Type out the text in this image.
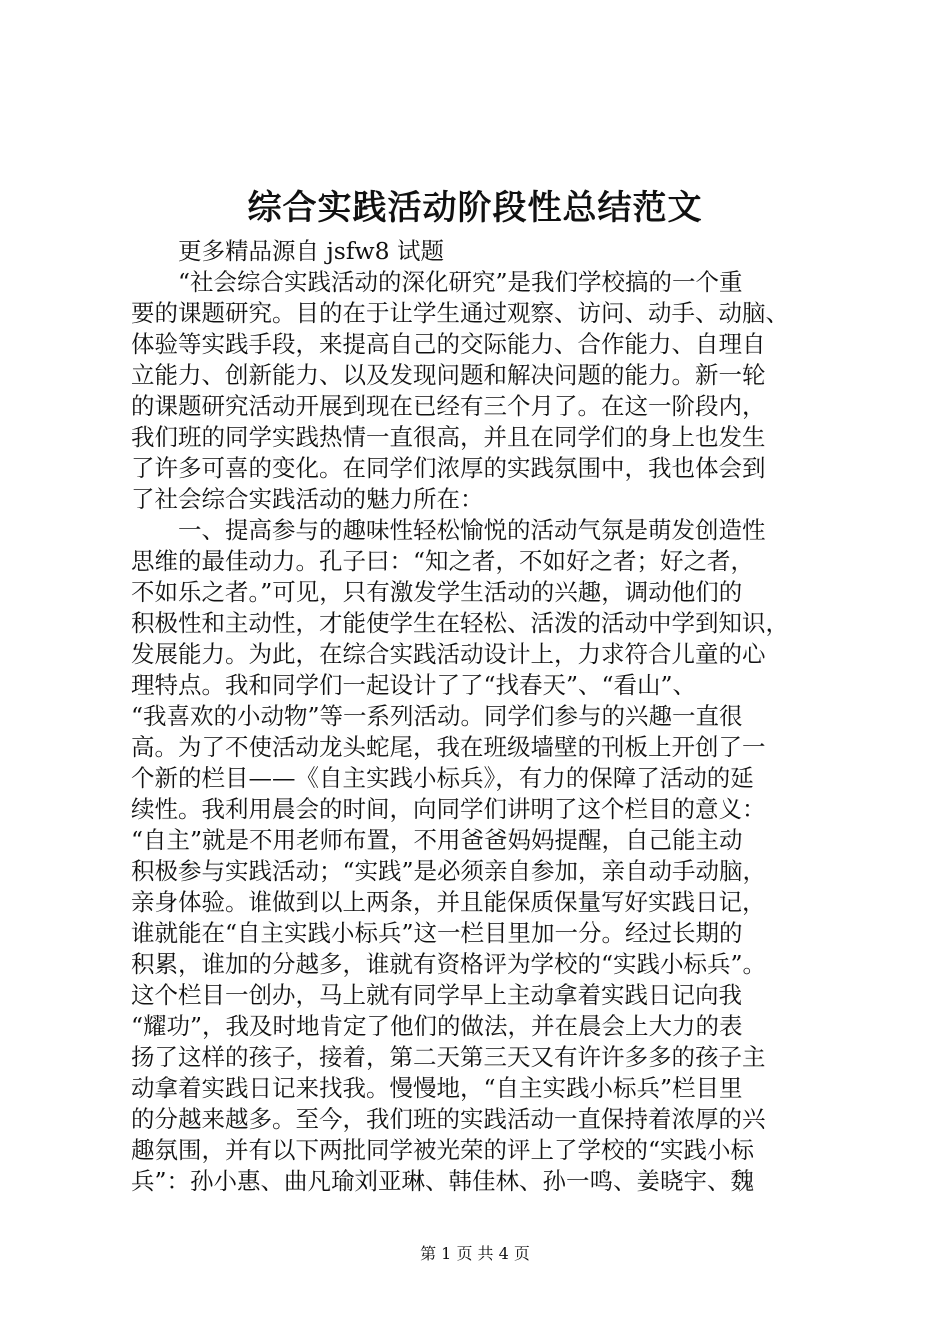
综合实践活动阶段性总结范文
　　更多精品源自 jsfw8 试题
　　“社会综合实践活动的深化研究”是我们学校搞的一个重
要的课题研究。目的在于让学生通过观察、访问、动手、动脑、
体验等实践手段，来提高自己的交际能力、合作能力、自理自
立能力、创新能力、以及发现问题和解决问题的能力。新一轮
的课题研究活动开展到现在已经有三个月了。在这一阶段内，
我们班的同学实践热情一直很高，并且在同学们的身上也发生
了许多可喜的变化。在同学们浓厚的实践氛围中，我也体会到
了社会综合实践活动的魅力所在：
　　一、提高参与的趣味性轻松愉悦的活动气氛是萌发创造性
思维的最佳动力。孔子曰：“知之者，不如好之者；好之者，
不如乐之者。”可见，只有激发学生活动的兴趣，调动他们的
积极性和主动性，才能使学生在轻松、活泼的活动中学到知识，
发展能力。为此，在综合实践活动设计上，力求符合儿童的心
理特点。我和同学们一起设计了了“找春天”、“看山”、
“我喜欢的小动物”等一系列活动。同学们参与的兴趣一直很
高。为了不使活动龙头蛇尾，我在班级墙壁的刊板上开创了一
个新的栏目——《自主实践小标兵》，有力的保障了活动的延
续性。我利用晨会的时间，向同学们讲明了这个栏目的意义：
“自主”就是不用老师布置，不用爸爸妈妈提醒，自己能主动
积极参与实践活动；“实践”是必须亲自参加，亲自动手动脑，
亲身体验。谁做到以上两条，并且能保质保量写好实践日记，
谁就能在“自主实践小标兵”这一栏目里加一分。经过长期的
积累，谁加的分越多，谁就有资格评为学校的“实践小标兵”。
这个栏目一创办，马上就有同学早上主动拿着实践日记向我
“耀功”，我及时地肯定了他们的做法，并在晨会上大力的表
扬了这样的孩子，接着，第二天第三天又有许许多多的孩子主
动拿着实践日记来找我。慢慢地，“自主实践小标兵”栏目里
的分越来越多。至今，我们班的实践活动一直保持着浓厚的兴
趣氛围，并有以下两批同学被光荣的评上了学校的“实践小标
兵”：孙小惠、曲凡瑜刘亚琳、韩佳林、孙一鸣、姜晓宇、魏
第 1 页 共 4 页
